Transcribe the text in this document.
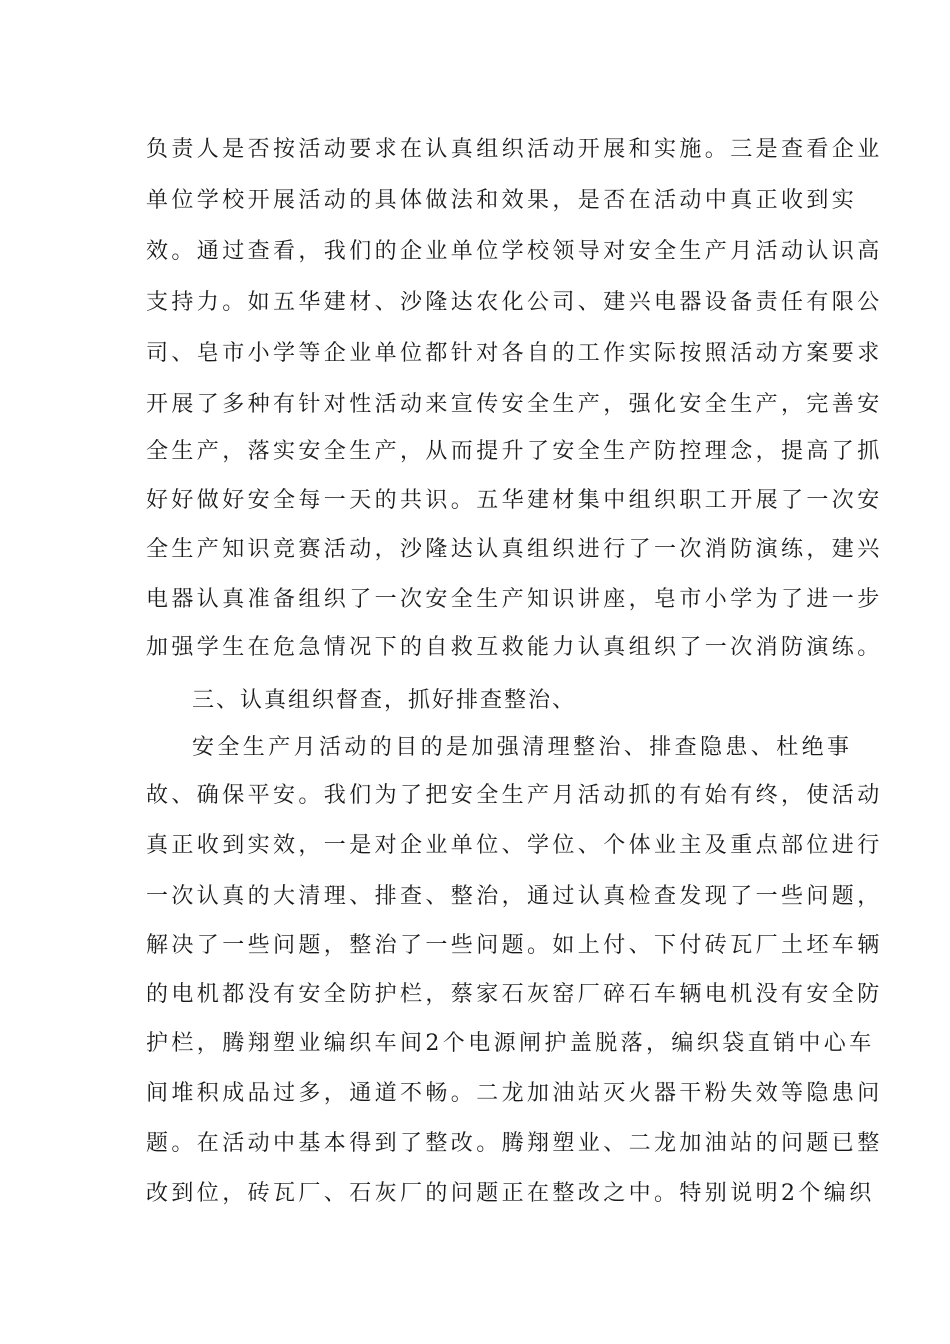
负责人是否按活动要求在认真组织活动开展和实施。三是查看企业
单位学校开展活动的具体做法和效果，是否在活动中真正收到实
效。通过查看，我们的企业单位学校领导对安全生产月活动认识高
支持力。如五华建材、沙隆达农化公司、建兴电器设备责任有限公
司、皂市小学等企业单位都针对各自的工作实际按照活动方案要求
开展了多种有针对性活动来宣传安全生产，强化安全生产，完善安
全生产，落实安全生产，从而提升了安全生产防控理念，提高了抓
好好做好安全每一天的共识。五华建材集中组织职工开展了一次安
全生产知识竞赛活动，沙隆达认真组织进行了一次消防演练，建兴
电器认真准备组织了一次安全生产知识讲座，皂市小学为了进一步
加强学生在危急情况下的自救互救能力认真组织了一次消防演练。
三、认真组织督查，抓好排查整治、
安全生产月活动的目的是加强清理整治、排查隐患、杜绝事
故、确保平安。我们为了把安全生产月活动抓的有始有终，使活动
真正收到实效，一是对企业单位、学位、个体业主及重点部位进行
一次认真的大清理、排查、整治，通过认真检查发现了一些问题，
解决了一些问题，整治了一些问题。如上付、下付砖瓦厂土坯车辆
的电机都没有安全防护栏，蔡家石灰窑厂碎石车辆电机没有安全防
护栏，腾翔塑业编织车间2个电源闸护盖脱落，编织袋直销中心车
间堆积成品过多，通道不畅。二龙加油站灭火器干粉失效等隐患问
题。在活动中基本得到了整改。腾翔塑业、二龙加油站的问题已整
改到位，砖瓦厂、石灰厂的问题正在整改之中。特别说明2个编织
